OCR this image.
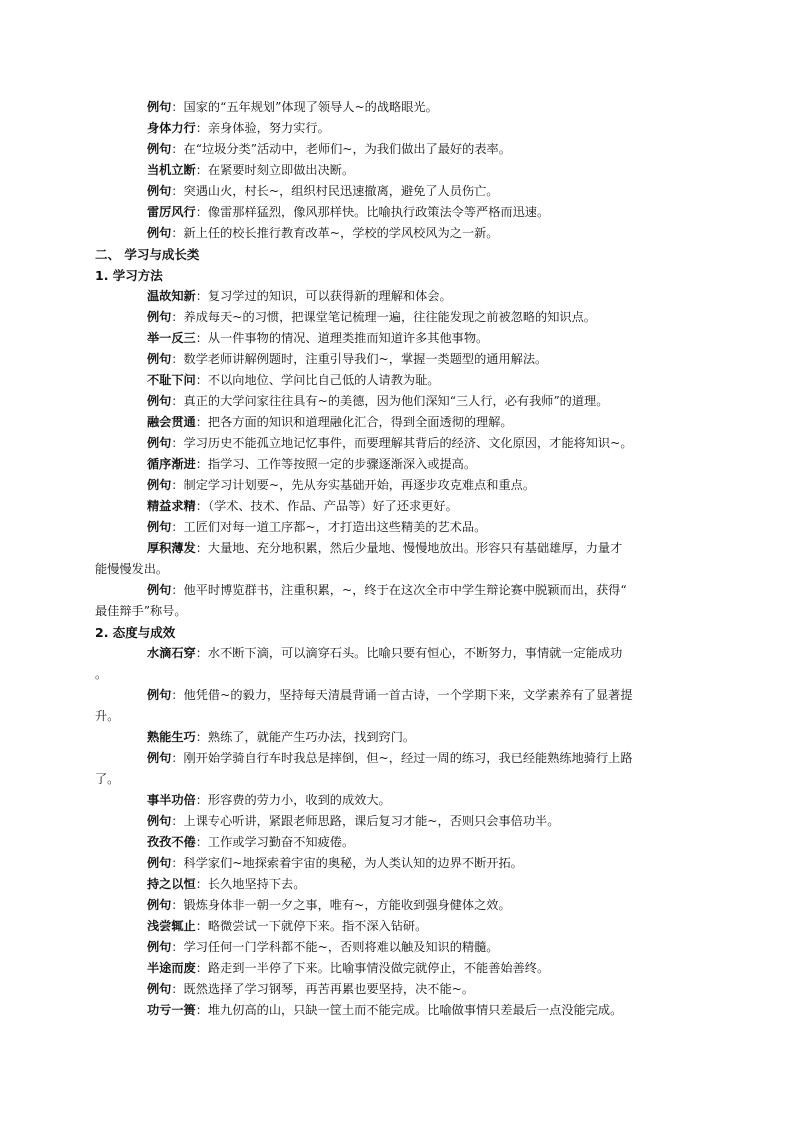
例句：国家的“五年规划”体现了领导人~的战略眼光。
身体力行：亲身体验，努力实行。
例句：在“垃圾分类”活动中，老师们~，为我们做出了最好的表率。
当机立断：在紧要时刻立即做出决断。
例句：突遇山火，村长~，组织村民迅速撤离，避免了人员伤亡。
雷厉风行：像雷那样猛烈，像风那样快。比喻执行政策法令等严格而迅速。
例句：新上任的校长推行教育改革~，学校的学风校风为之一新。
二、 学习与成长类
1. 学习方法
温故知新：复习学过的知识，可以获得新的理解和体会。
例句：养成每天~的习惯，把课堂笔记梳理一遍，往往能发现之前被忽略的知识点。
举一反三：从一件事物的情况、道理类推而知道许多其他事物。
例句：数学老师讲解例题时，注重引导我们~，掌握一类题型的通用解法。
不耻下问：不以向地位、学问比自己低的人请教为耻。
例句：真正的大学问家往往具有~的美德，因为他们深知“三人行，必有我师”的道理。
融会贯通：把各方面的知识和道理融化汇合，得到全面透彻的理解。
例句：学习历史不能孤立地记忆事件，而要理解其背后的经济、文化原因，才能将知识~。
循序渐进：指学习、工作等按照一定的步骤逐渐深入或提高。
例句：制定学习计划要~，先从夯实基础开始，再逐步攻克难点和重点。
精益求精：（学术、技术、作品、产品等）好了还求更好。
例句：工匠们对每一道工序都~，才打造出这些精美的艺术品。
厚积薄发：大量地、充分地积累，然后少量地、慢慢地放出。形容只有基础雄厚，力量才
能慢慢发出。
例句：他平时博览群书，注重积累，~，终于在这次全市中学生辩论赛中脱颖而出，获得“
最佳辩手”称号。
2. 态度与成效
水滴石穿：水不断下滴，可以滴穿石头。比喻只要有恒心，不断努力，事情就一定能成功
。
例句：他凭借~的毅力，坚持每天清晨背诵一首古诗，一个学期下来，文学素养有了显著提
升。
熟能生巧：熟练了，就能产生巧办法，找到窍门。
例句：刚开始学骑自行车时我总是摔倒，但~，经过一周的练习，我已经能熟练地骑行上路
了。
事半功倍：形容费的劳力小，收到的成效大。
例句：上课专心听讲，紧跟老师思路，课后复习才能~，否则只会事倍功半。
孜孜不倦：工作或学习勤奋不知疲倦。
例句：科学家们~地探索着宇宙的奥秘，为人类认知的边界不断开拓。
持之以恒：长久地坚持下去。
例句：锻炼身体非一朝一夕之事，唯有~，方能收到强身健体之效。
浅尝辄止：略微尝试一下就停下来。指不深入钻研。
例句：学习任何一门学科都不能~，否则将难以触及知识的精髓。
半途而废：路走到一半停了下来。比喻事情没做完就停止，不能善始善终。
例句：既然选择了学习钢琴，再苦再累也要坚持，决不能~。
功亏一篑：堆九仞高的山，只缺一筐土而不能完成。比喻做事情只差最后一点没能完成。
